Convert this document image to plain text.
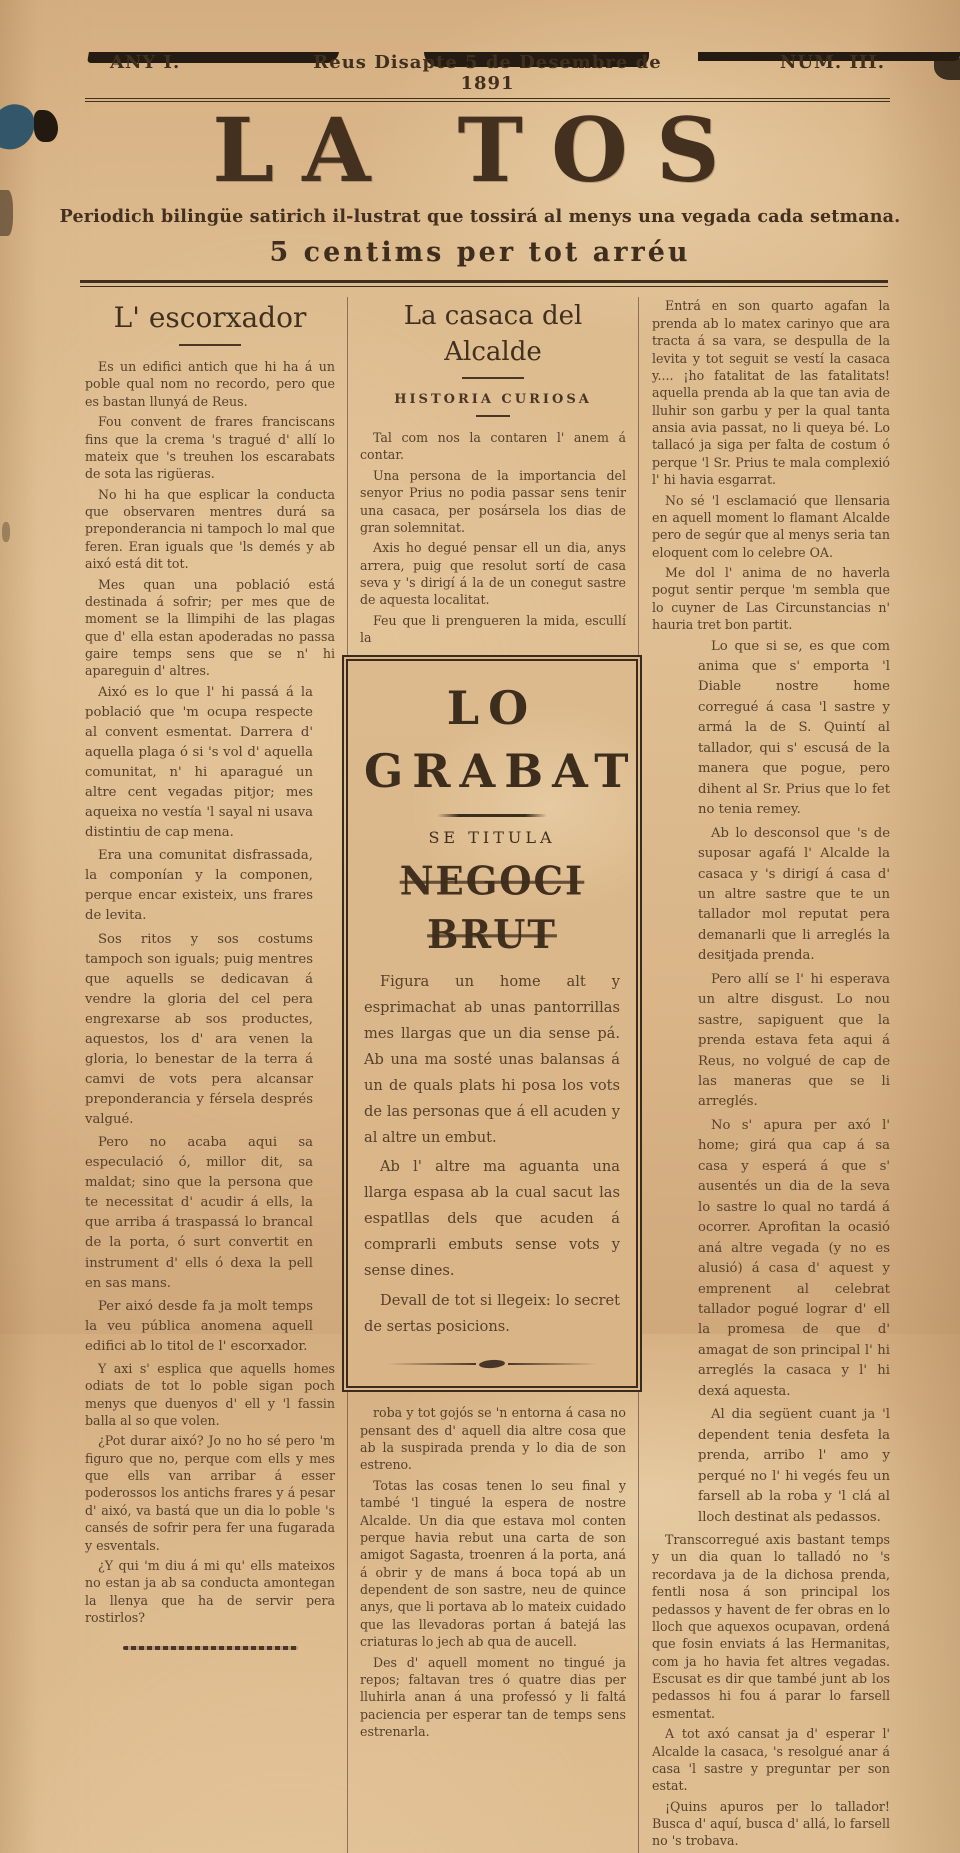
ANY I.	Reus Disapte 5 de Desembre de 1891
NUM. III.
LA TOS
Periodich bilingüe satirich il-lustrat que tossirá al menys una vegada cada setmana.
5 centims per tot arréu
L' escorxador

Es un edifici antich que hi ha á un poble qual nom no recordo, pero que es bastan llunyá de Reus.

Fou convent de frares franciscans fins que la crema 's tragué d' allí lo mateix que 's treuhen los escarabats de sota las rigüeras.

No hi ha que esplicar la conducta que observaren mentres durá sa preponderancia ni tampoch lo mal que feren. Eran iguals que 'ls demés y ab aixó está dit tot.

Mes quan una població está destinada á sofrir; per mes que de moment se la llimpihi de las plagas que d' ella estan apoderadas no passa gaire temps sens que se n' hi apareguin d' altres.

Aixó es lo que l' hi passá á la població que 'm ocupa respecte al convent esmentat. Darrera d' aquella plaga ó si 's vol d' aquella comunitat, n' hi aparagué un altre cent vegadas pitjor; mes aqueixa no vestía 'l sayal ni usava distintiu de cap mena.

Era una comunitat disfrassada, la componían y la componen, perque encar existeix, uns frares de levita.

Sos ritos y sos costums tampoch son iguals; puig mentres que aquells se dedicavan á vendre la gloria del cel pera engrexarse ab sos productes, aquestos, los d' ara venen la gloria, lo benestar de la terra á camvi de vots pera alcansar preponderancia y férsela després valgué.

Pero no acaba aqui sa especulació ó, millor dit, sa maldat; sino que la persona que te necessitat d' acudir á ells, la que arriba á traspassá lo brancal de la porta, ó surt convertit en instrument d' ells ó dexa la pell en sas mans.

Per aixó desde fa ja molt temps la veu pública anomena aquell edifici ab lo titol de l' escorxador.

Y axi s' esplica que aquells homes odiats de tot lo poble sigan poch menys que duenyos d' ell y 'l fassin balla al so que volen.

¿Pot durar aixó? Jo no ho sé pero 'm figuro que no, perque com ells y mes que ells van arribar á esser poderossos los antichs frares y á pesar d' aixó, va bastá que un dia lo poble 's cansés de sofrir pera fer una fugarada y esventals.

¿Y qui 'm diu á mi qu' ells mateixos no estan ja ab sa conducta amontegan la llenya que ha de servir pera rostirlos?

La casaca del Alcalde
HISTORIA CURIOSA

Tal com nos la contaren l' anem á contar.

Una persona de la importancia del senyor Prius no podia passar sens tenir una casaca, per posársela los dias de gran solemnitat.

Axis ho degué pensar ell un dia, anys arrera, puig que resolut sortí de casa seva y 's dirigí á la de un conegut sastre de aquesta localitat.

Feu que li prengueren la mida, escullí la

LO GRABAT
SE TITULA
NEGOCI BRUT

Figura un home alt y esprimachat ab unas pantorrillas mes llargas que un dia sense pá. Ab una ma sosté unas balansas á un de quals plats hi posa los vots de las personas que á ell acuden y al altre un embut.

Ab l' altre ma aguanta una llarga espasa ab la cual sacut las espatllas dels que acuden á comprarli embuts sense vots y sense dines.

Devall de tot si llegeix: lo secret de sertas posicions.

roba y tot gojós se 'n entorna á casa no pensant des d' aquell dia altre cosa que ab la suspirada prenda y lo dia de son estreno.

Totas las cosas tenen lo seu final y també 'l tingué la espera de nostre Alcalde. Un dia que estava mol conten perque havia rebut una carta de son amigot Sagasta, troenren á la porta, aná á obrir y de mans á boca topá ab un dependent de son sastre, neu de quince anys, que li portava ab lo mateix cuidado que las llevadoras portan á batejá las criaturas lo jech ab qua de aucell.

Des d' aquell moment no tingué ja repos; faltavan tres ó quatre dias per lluhirla anan á una professó y li faltá paciencia per esperar tan de temps sens estrenarla.

Entrá en son quarto agafan la prenda ab lo matex carinyo que ara tracta á sa vara, se despulla de la levita y tot seguit se vestí la casaca y.... ¡ho fatalitat de las fatalitats! aquella prenda ab la que tan avia de lluhir son garbu y per la qual tanta ansia avia passat, no li queya bé. Lo tallacó ja siga per falta de costum ó perque 'l Sr. Prius te mala complexió l' hi havia esgarrat.

No sé 'l esclamació que llensaria en aquell moment lo flamant Alcalde pero de segúr que al menys seria tan eloquent com lo celebre OA.

Me dol l' anima de no haverla pogut sentir perque 'm sembla que lo cuyner de Las Circunstancias n' hauria tret bon partit.

Lo que si se, es que com anima que s' emporta 'l Diable nostre home corregué á casa 'l sastre y armá la de S. Quintí al tallador, qui s' escusá de la manera que pogue, pero dihent al Sr. Prius que lo fet no tenia remey.

Ab lo desconsol que 's de suposar agafá l' Alcalde la casaca y 's dirigí á casa d' un altre sastre que te un tallador mol reputat pera demanarli que li arreglés la desitjada prenda.

Pero allí se l' hi esperava un altre disgust. Lo nou sastre, sapiguent que la prenda estava feta aqui á Reus, no volgué de cap de las maneras que se li arreglés.

No s' apura per axó l' home; girá qua cap á sa casa y esperá á que s' ausentés un dia de la seva lo sastre lo qual no tardá á ocorrer. Aprofitan la ocasió aná altre vegada (y no es alusió) á casa d' aquest y emprenent al celebrat tallador pogué lograr d' ell la promesa de que d' amagat de son principal l' hi arreglés la casaca y l' hi dexá aquesta.

Al dia següent cuant ja 'l dependent tenia desfeta la prenda, arribo l' amo y perqué no l' hi vegés feu un farsell ab la roba y 'l clá al lloch destinat als pedassos.

Transcorregué axis bastant temps y un dia quan lo talladó no 's recordava ja de la dichosa prenda, fentli nosa á son principal los pedassos y havent de fer obras en lo lloch que aquexos ocupavan, ordená que fosin enviats á las Hermanitas, com ja ho havia fet altres vegadas. Escusat es dir que també junt ab los pedassos hi fou á parar lo farsell esmentat.

A tot axó cansat ja d' esperar l' Alcalde la casaca, 's resolgué anar á casa 'l sastre y preguntar per son estat.

¡Quins apuros per lo tallador! Busca d' aquí, busca d' allá, lo farsell no 's trobava.
